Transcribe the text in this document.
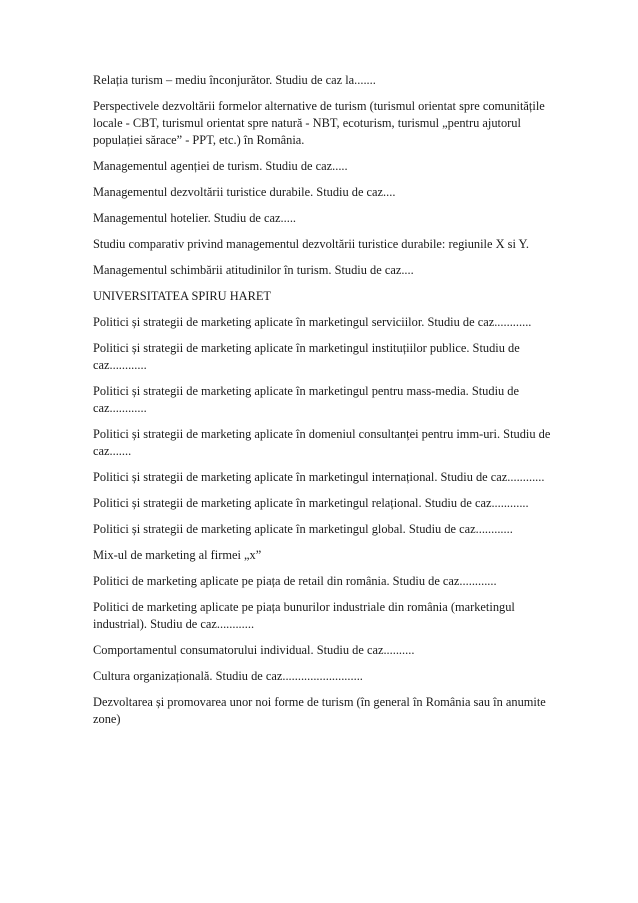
Relația turism – mediu înconjurător. Studiu de caz la.......

Perspectivele dezvoltării formelor alternative de turism (turismul orientat spre comunitățile locale - CBT, turismul orientat spre natură - NBT, ecoturism, turismul „pentru ajutorul populației sărace” - PPT, etc.) în România.

Managementul agenției de turism. Studiu de caz.....

Managementul dezvoltării turistice durabile. Studiu de caz....

Managementul hotelier. Studiu de caz.....

Studiu comparativ privind managementul dezvoltării turistice durabile: regiunile X si Y.

Managementul schimbării atitudinilor în turism. Studiu de caz....

UNIVERSITATEA SPIRU HARET

Politici și strategii de marketing aplicate în marketingul serviciilor. Studiu de caz............

Politici și strategii de marketing aplicate în marketingul instituțiilor publice. Studiu de caz............

Politici și strategii de marketing aplicate în marketingul pentru mass-media. Studiu de caz............

Politici și strategii de marketing aplicate în domeniul consultanței pentru imm-uri. Studiu de caz.......

Politici și strategii de marketing aplicate în marketingul internațional. Studiu de caz............

Politici și strategii de marketing aplicate în marketingul relațional. Studiu de caz............

Politici și strategii de marketing aplicate în marketingul global. Studiu de caz............

Mix-ul de marketing al firmei „x”

Politici de marketing aplicate pe piața de retail din românia. Studiu de caz............

Politici de marketing aplicate pe piața bunurilor industriale din românia (marketingul industrial). Studiu de caz............

Comportamentul consumatorului individual. Studiu de caz..........

Cultura organizațională. Studiu de caz..........................

Dezvoltarea și promovarea unor noi forme de turism (în general în România sau în anumite zone)
